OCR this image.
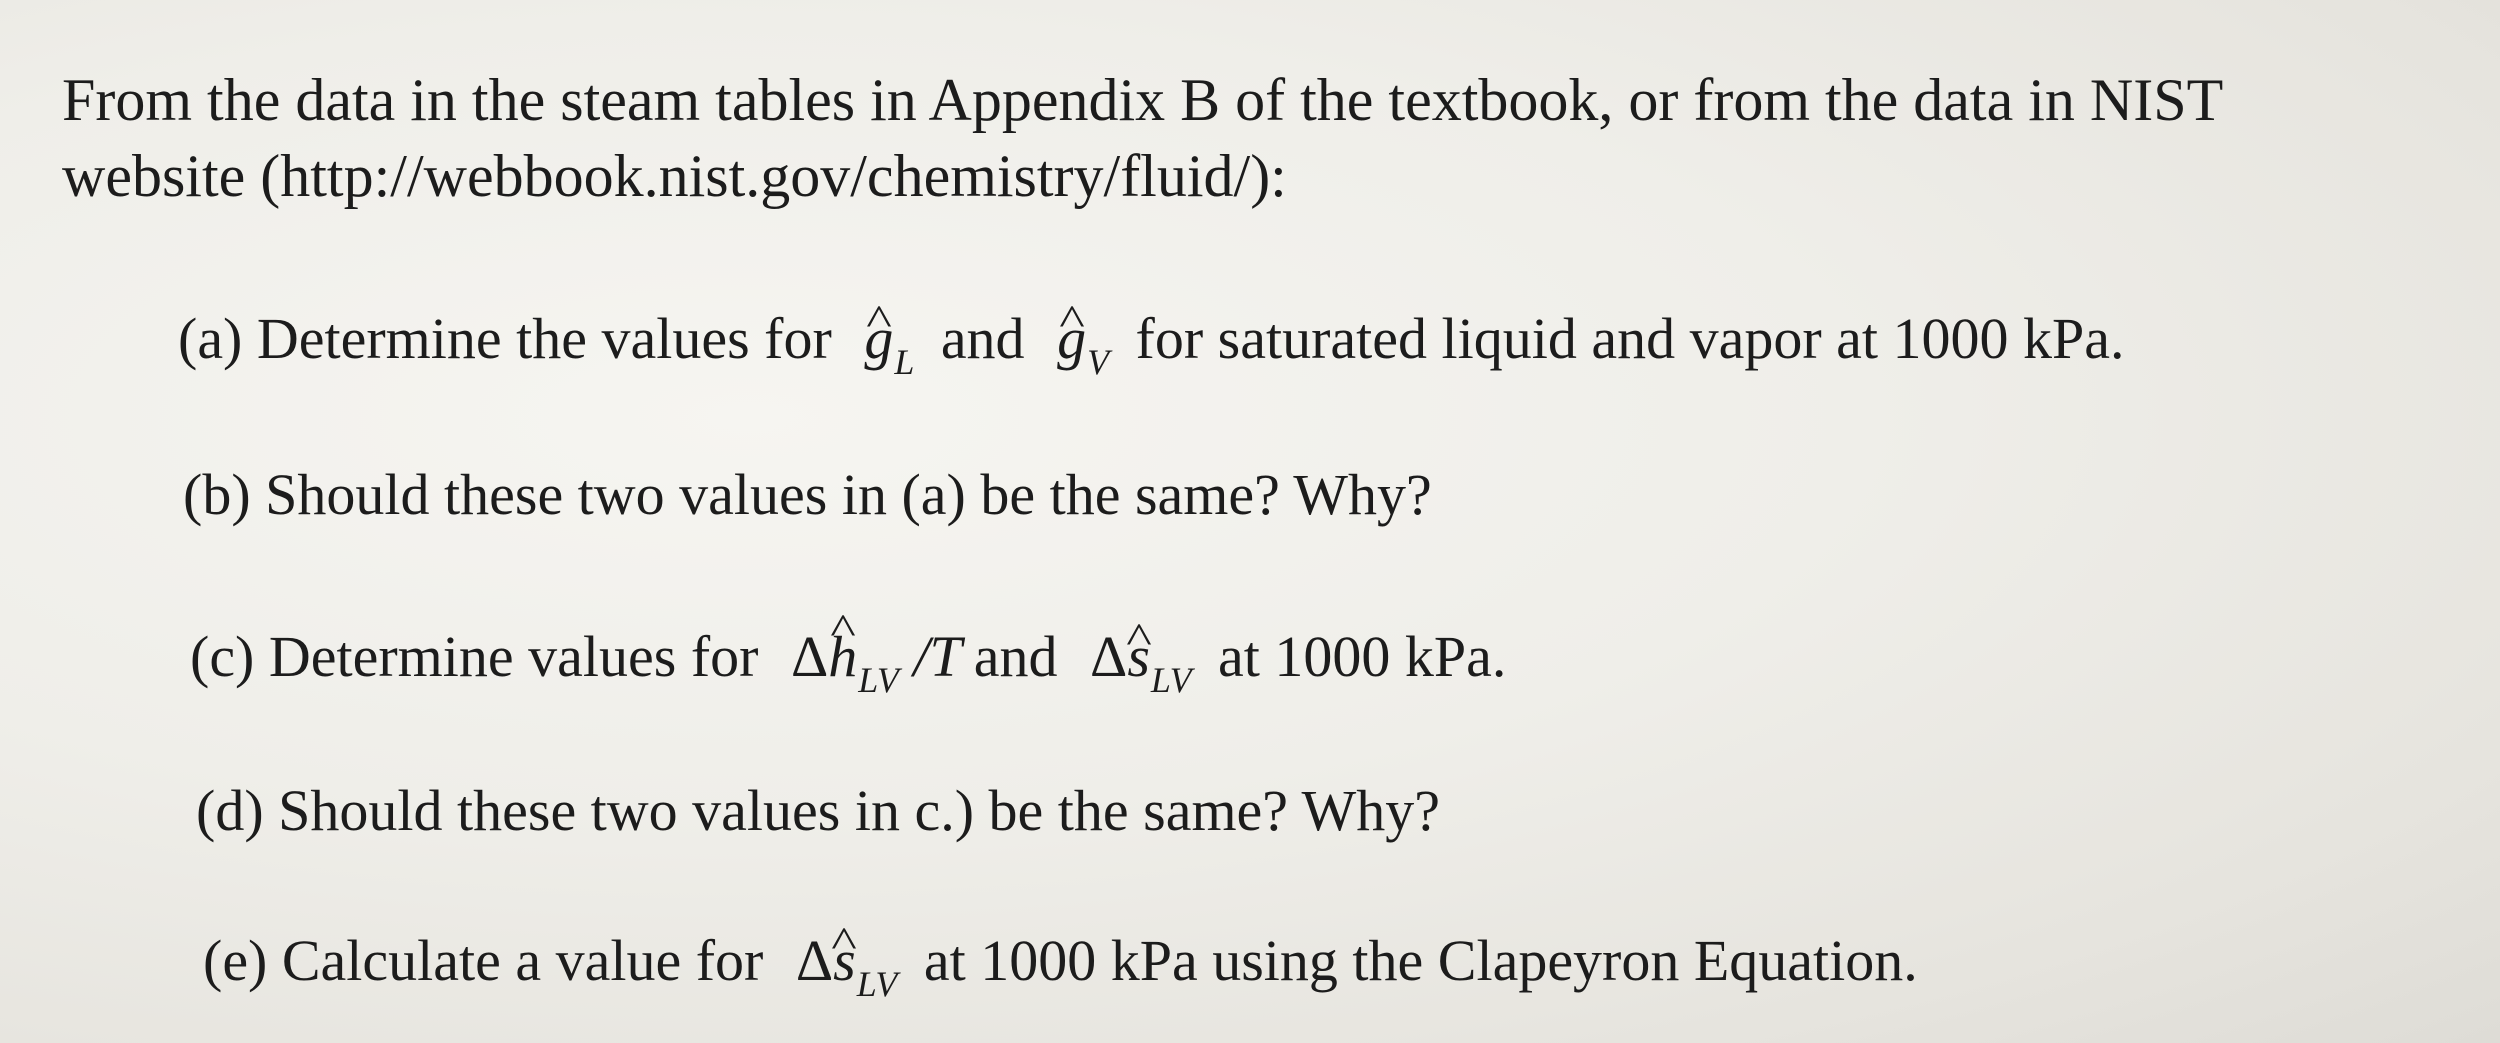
From the data in the steam tables in Appendix B of the textbook, or from the data in NIST
website (http://webbook.nist.gov/chemistry/fluid/):

(a) Determine the values for ^ $g_L$ and ^ $g_V$ for saturated liquid and vapor at 1000 kPa.

(b) Should these two values in (a) be the same? Why?

(c) Determine values for Δ^ $h_{LV}$ /T and Δ^ $s_{LV}$ at 1000 kPa.

(d) Should these two values in c.) be the same? Why?

(e) Calculate a value for Δ^ $s_{LV}$ at 1000 kPa using the Clapeyron Equation.
